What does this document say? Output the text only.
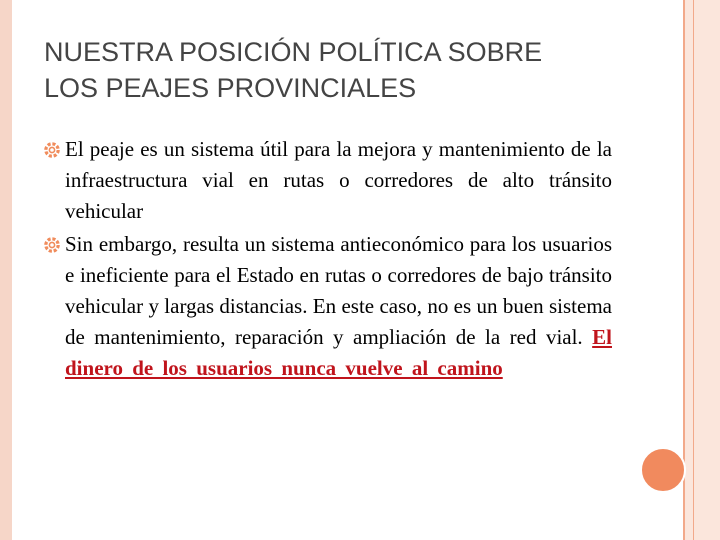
NUESTRA POSICIÓN POLÍTICA SOBRE
LOS PEAJES PROVINCIALES
El peaje es un sistema útil para la mejora y mantenimiento de la infraestructura vial en rutas o corredores de alto tránsito vehicular
Sin embargo, resulta un sistema antieconómico para los usuarios e ineficiente para el Estado en rutas o corredores de bajo tránsito vehicular y largas distancias. En este caso, no es un buen sistema de mantenimiento, reparación y ampliación de la red vial. El dinero de los usuarios nunca vuelve al camino
